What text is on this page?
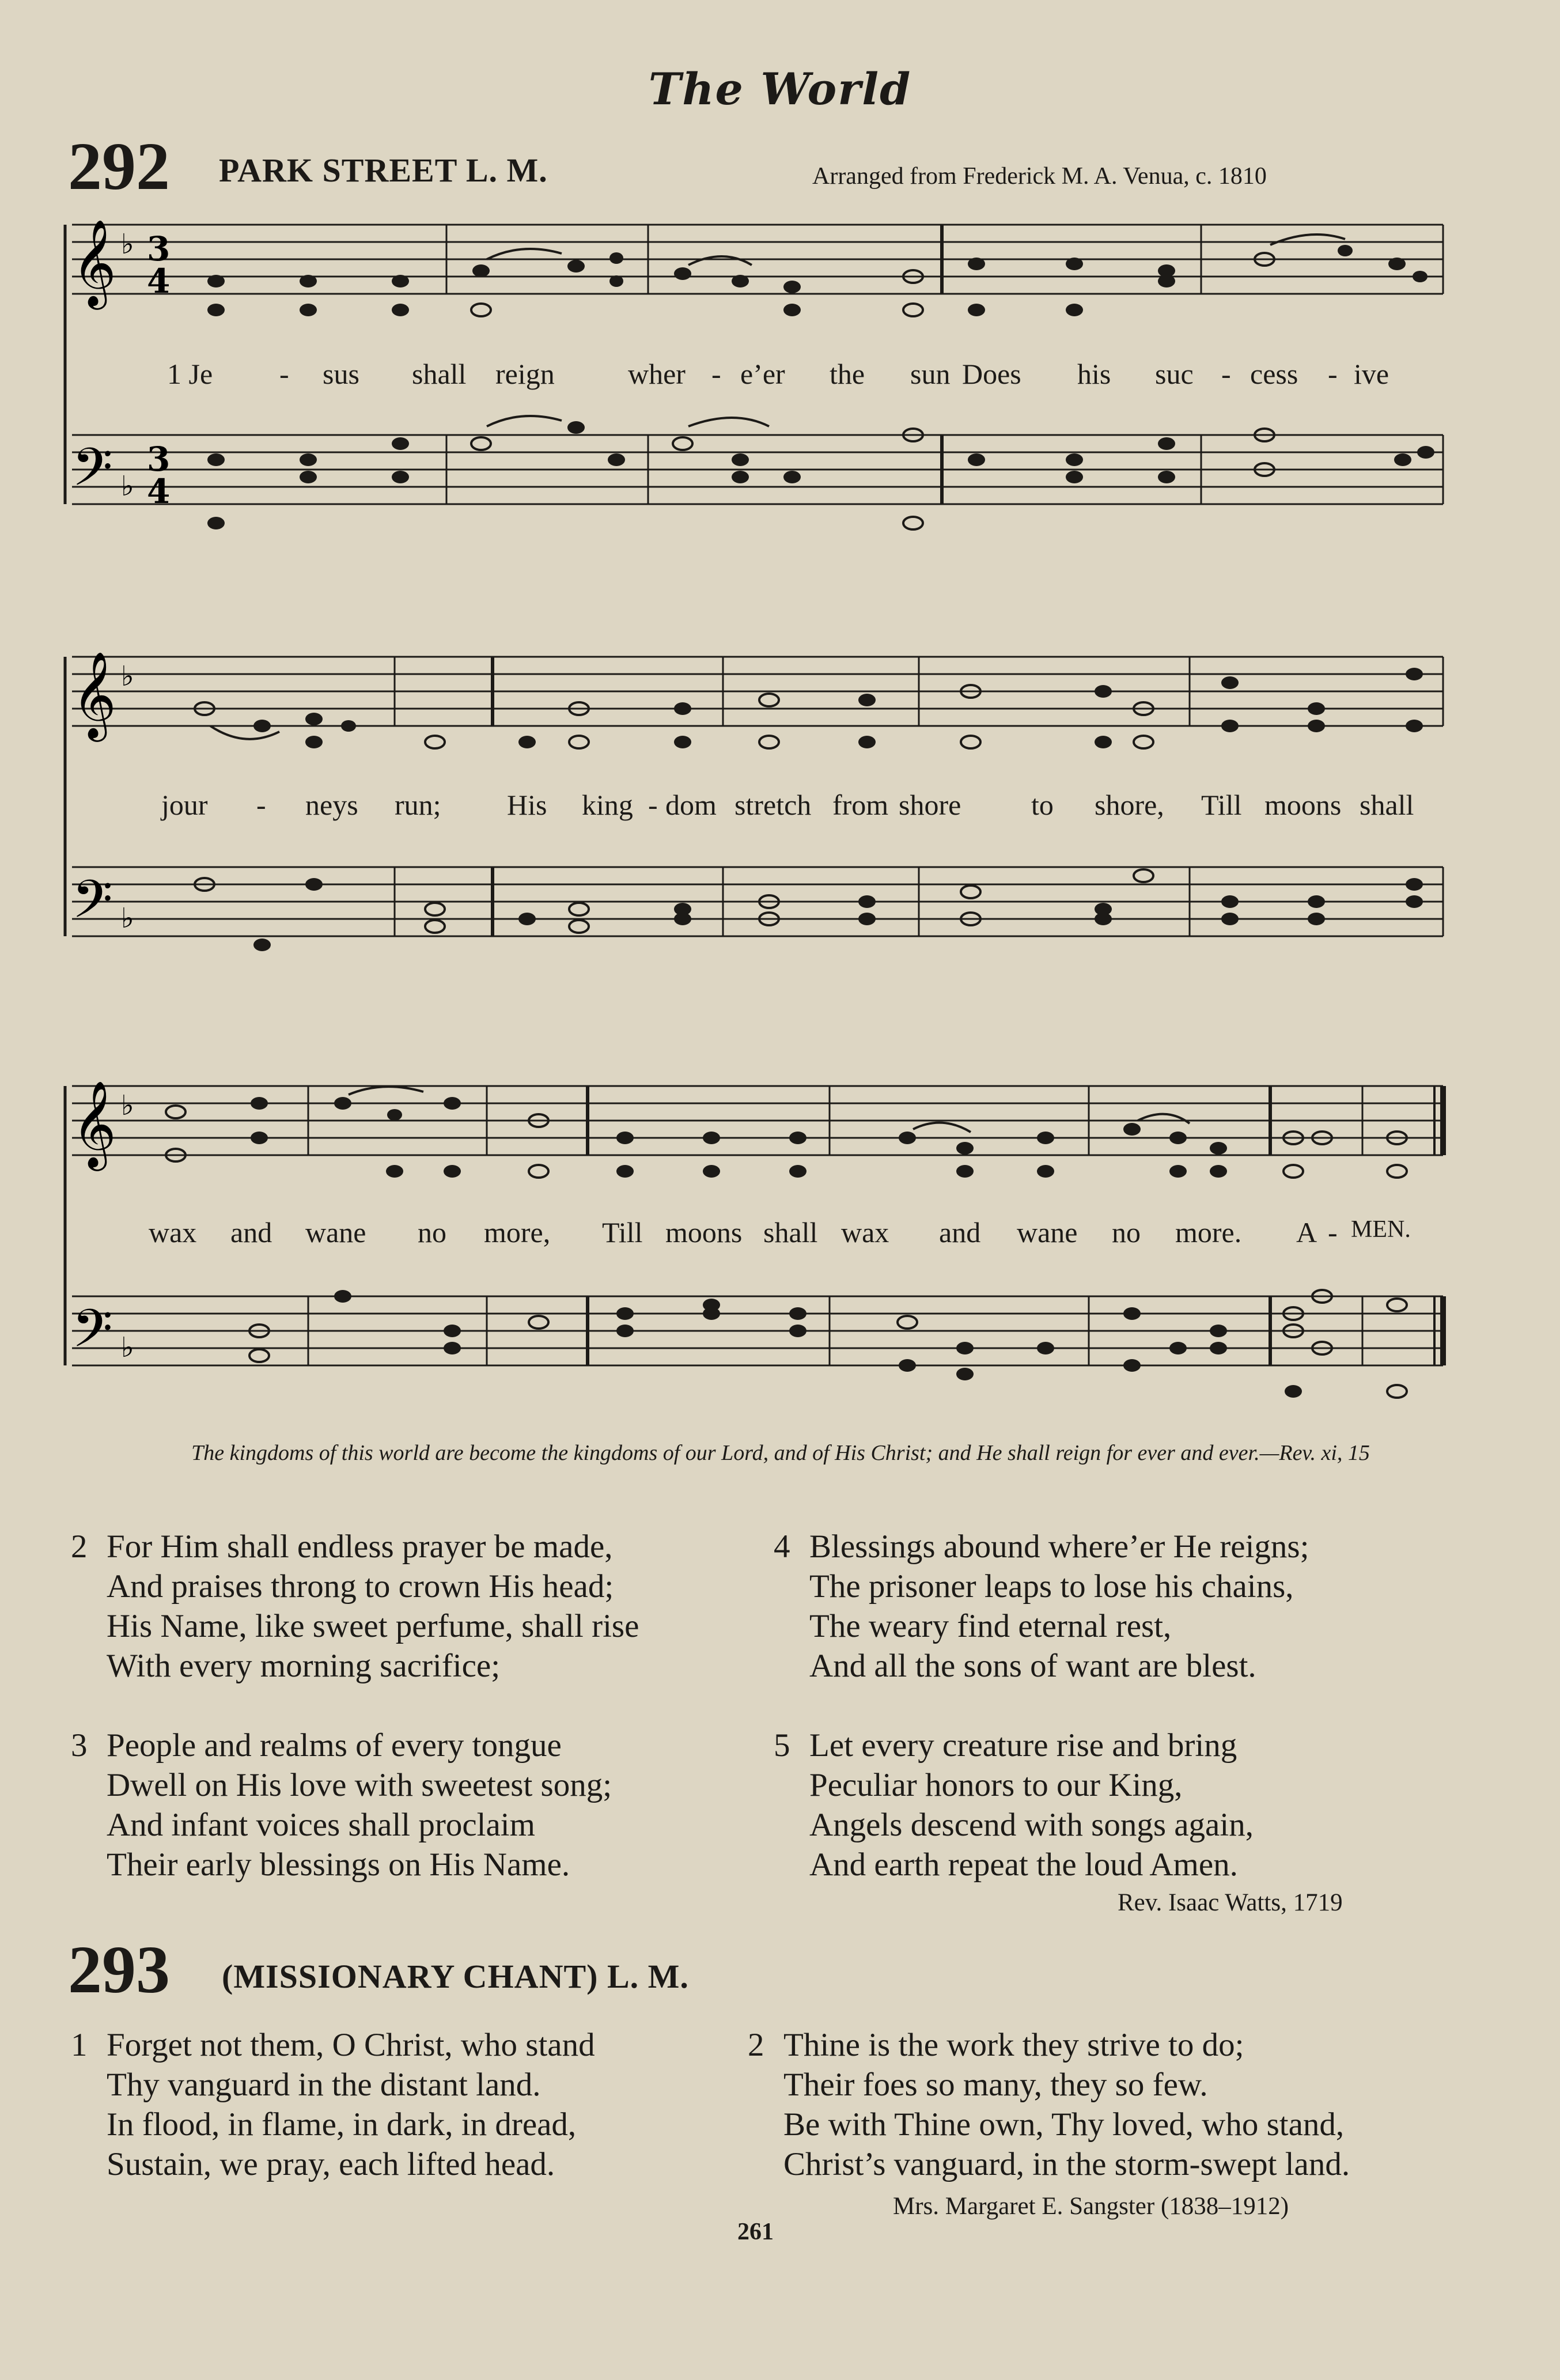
The World
292 PARK STREET L. M.	Arranged from Frederick M. A. Venua, c. 1810
𝄞 ♭ 3
4
𝄢 ♭
3
4
1 Je - sus shall reign	wher - e’er the sun Does his suc - cess - ive
𝄞 ♭
𝄢 ♭
jour - neys run; His king - dom stretch from shore to shore, Till moons shall
𝄞 ♭
𝄢 ♭
wax and wane no more, Till moons shall wax and wane no more. A - MEN.
The kingdoms of this world are become the kingdoms of our Lord, and of His Christ; and He shall reign for ever and ever.—Rev. xi, 15
2 For Him shall endless prayer be made,
And praises throng to crown His head;
His Name, like sweet perfume, shall rise
With every morning sacrifice;
4 Blessings abound where’er He reigns;
The prisoner leaps to lose his chains,
The weary find eternal rest,
And all the sons of want are blest.
3 People and realms of every tongue
Dwell on His love with sweetest song;
And infant voices shall proclaim
Their early blessings on His Name.
5 Let every creature rise and bring
Peculiar honors to our King,
Angels descend with songs again,
And earth repeat the loud Amen.
Rev. Isaac Watts, 1719
293 (MISSIONARY CHANT) L. M.
1 Forget not them, O Christ, who stand
Thy vanguard in the distant land.
In flood, in flame, in dark, in dread,
Sustain, we pray, each lifted head.
2 Thine is the work they strive to do;
Their foes so many, they so few.
Be with Thine own, Thy loved, who stand,
Christ’s vanguard, in the storm-swept land.
Mrs. Margaret E. Sangster (1838–1912)
261
